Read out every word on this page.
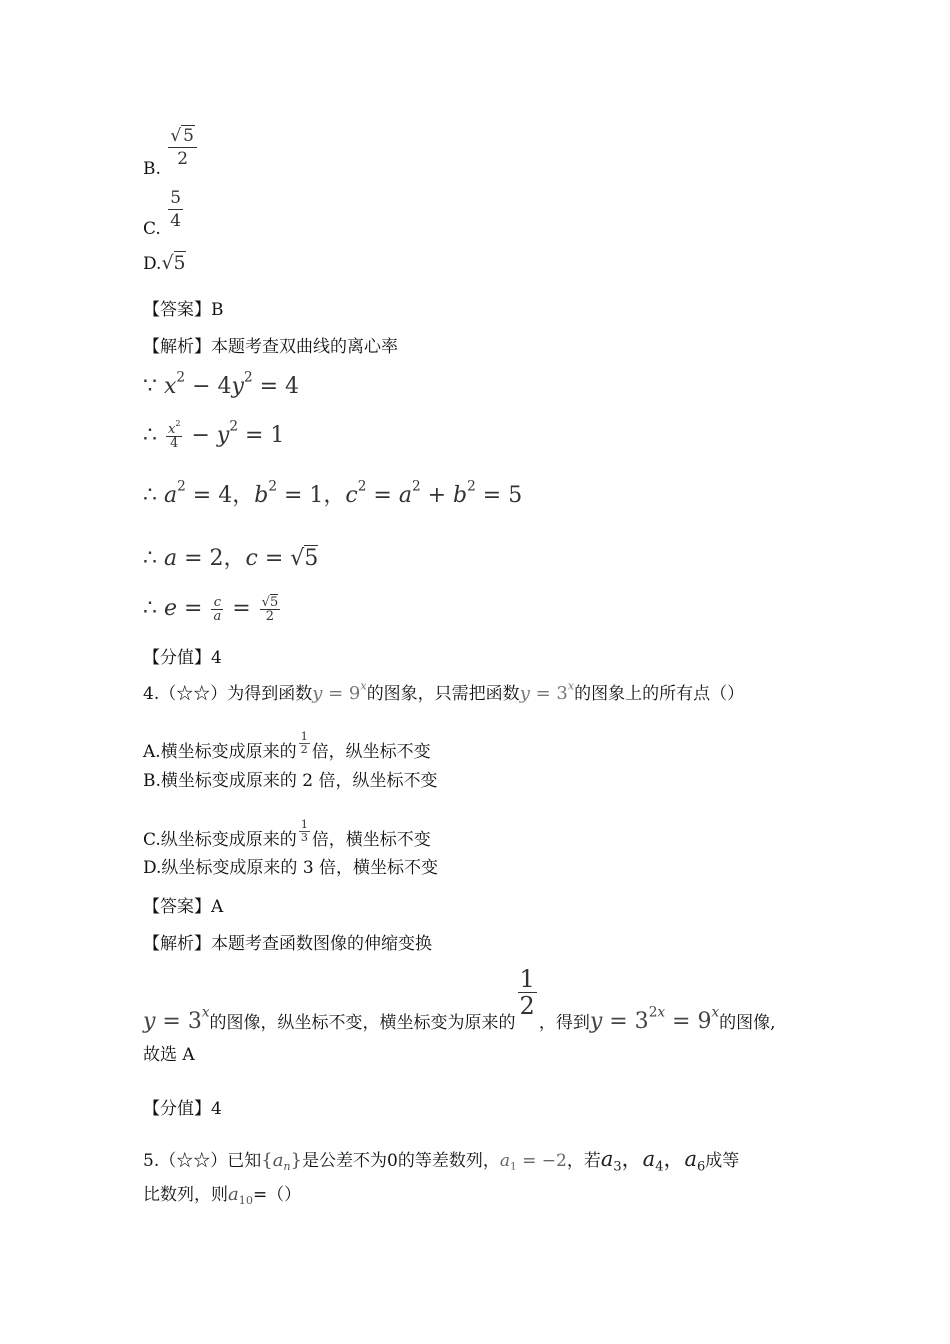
B. $\frac{√ 5}{2}$
C. $\frac{5}{4}$
D.√5
【答案】B
【解析】本题考查双曲线的离心率
∵ $x^2 - 4y^2 = 4$
∴ $\frac{x^2}{4} - y^2 = 1$
∴ $a^2 = 4$，$b^2 = 1$，$c^2 = a^2 + b^2 = 5$
∴ a = 2，c = √5
∴ $e = \frac{c}{a} = \frac{√5}{2}$
【分值】4
4.（☆☆）为得到函数$y = 9^x$的图象，只需把函数$y = 3^x$的图象上的所有点（）
A.横坐标变成原来的 $\frac{1}{2}$ 倍，纵坐标不变
B.横坐标变成原来的 2 倍，纵坐标不变
C.纵坐标变成原来的 $\frac{1}{3}$ 倍，横坐标不变
D.纵坐标变成原来的 3 倍，横坐标不变
【答案】A
【解析】本题考查函数图像的伸缩变换
$y = 3^x$的图像，纵坐标不变，横坐标变为原来的
$\frac{1}{2}$
，得到$y = 3^{2x} = 9^x$的图像,
故选 A
【分值】4
5.（☆☆）已知$\{a_n\}$是公差不为0的等差数列，$a_1 = -2$，若$a_3$，$a_4$，$a_6$成等
比数列，则$a_{10}=()$
